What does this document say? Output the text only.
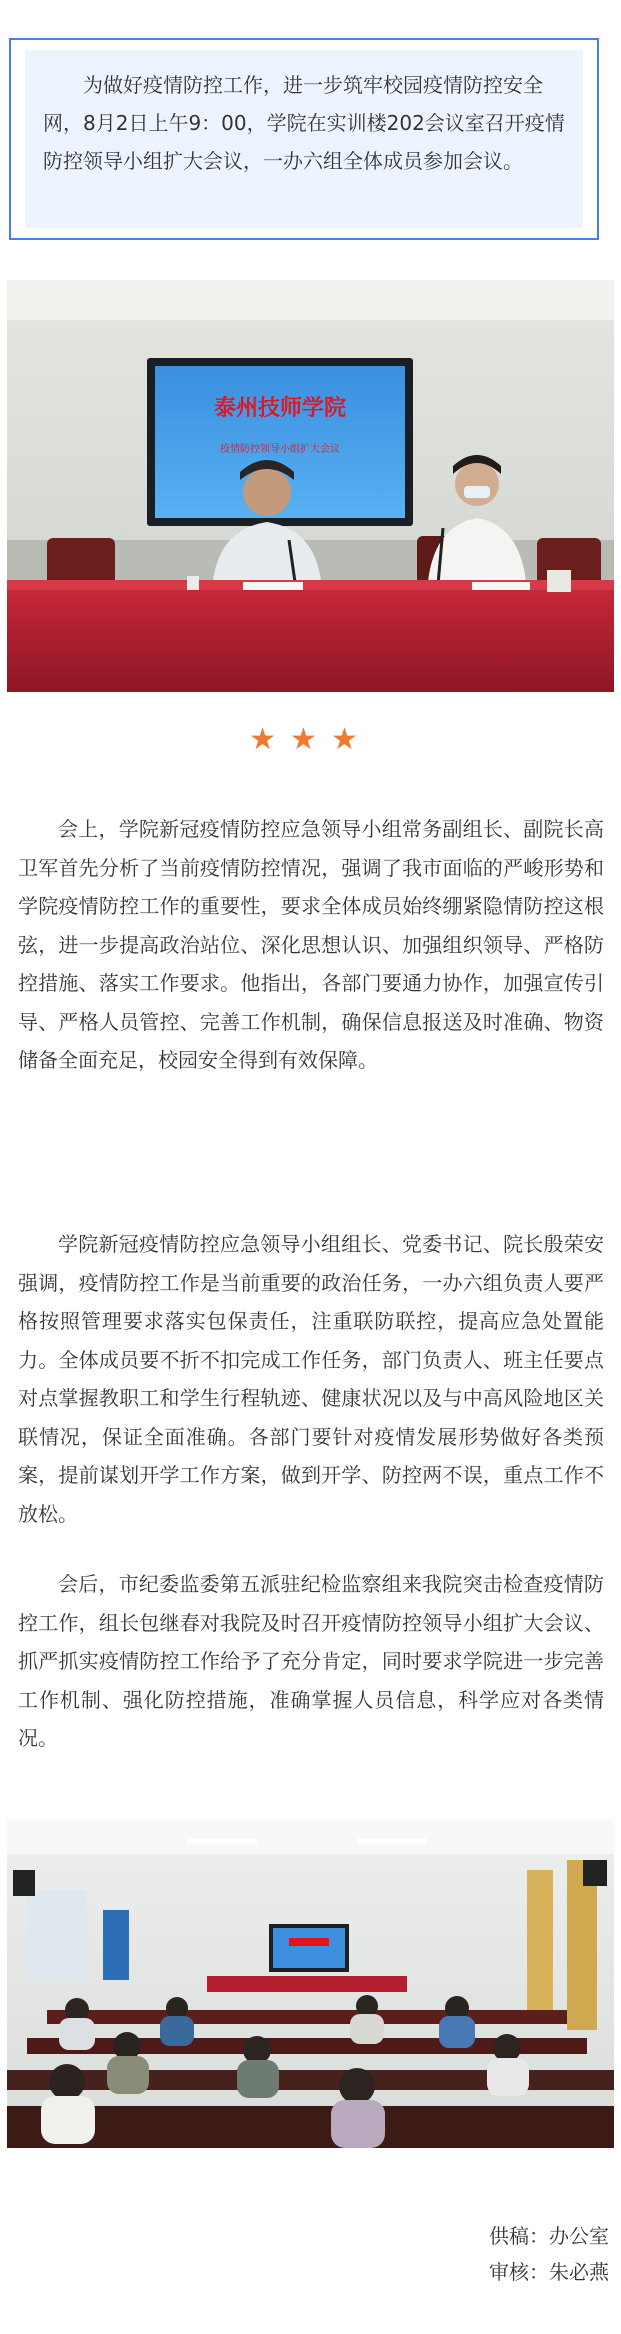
为做好疫情防控工作，进一步筑牢校园疫情防控安全网，8月2日上午9：00，学院在实训楼202会议室召开疫情防控领导小组扩大会议，一办六组全体成员参加会议。

泰州技师学院
疫情防控领导小组扩大会议
★★★

会上，学院新冠疫情防控应急领导小组常务副组长、副院长高卫军首先分析了当前疫情防控情况，强调了我市面临的严峻形势和学院疫情防控工作的重要性，要求全体成员始终绷紧隐情防控这根弦，进一步提高政治站位、深化思想认识、加强组织领导、严格防控措施、落实工作要求。他指出，各部门要通力协作，加强宣传引导、严格人员管控、完善工作机制，确保信息报送及时准确、物资储备全面充足，校园安全得到有效保障。

学院新冠疫情防控应急领导小组组长、党委书记、院长殷荣安强调，疫情防控工作是当前重要的政治任务，一办六组负责人要严格按照管理要求落实包保责任，注重联防联控，提高应急处置能力。全体成员要不折不扣完成工作任务，部门负责人、班主任要点对点掌握教职工和学生行程轨迹、健康状况以及与中高风险地区关联情况，保证全面准确。各部门要针对疫情发展形势做好各类预案，提前谋划开学工作方案，做到开学、防控两不误，重点工作不放松。

会后，市纪委监委第五派驻纪检监察组来我院突击检查疫情防控工作，组长包继春对我院及时召开疫情防控领导小组扩大会议、抓严抓实疫情防控工作给予了充分肯定，同时要求学院进一步完善工作机制、强化防控措施，准确掌握人员信息，科学应对各类情况。

供稿：办公室
审核：朱必燕
